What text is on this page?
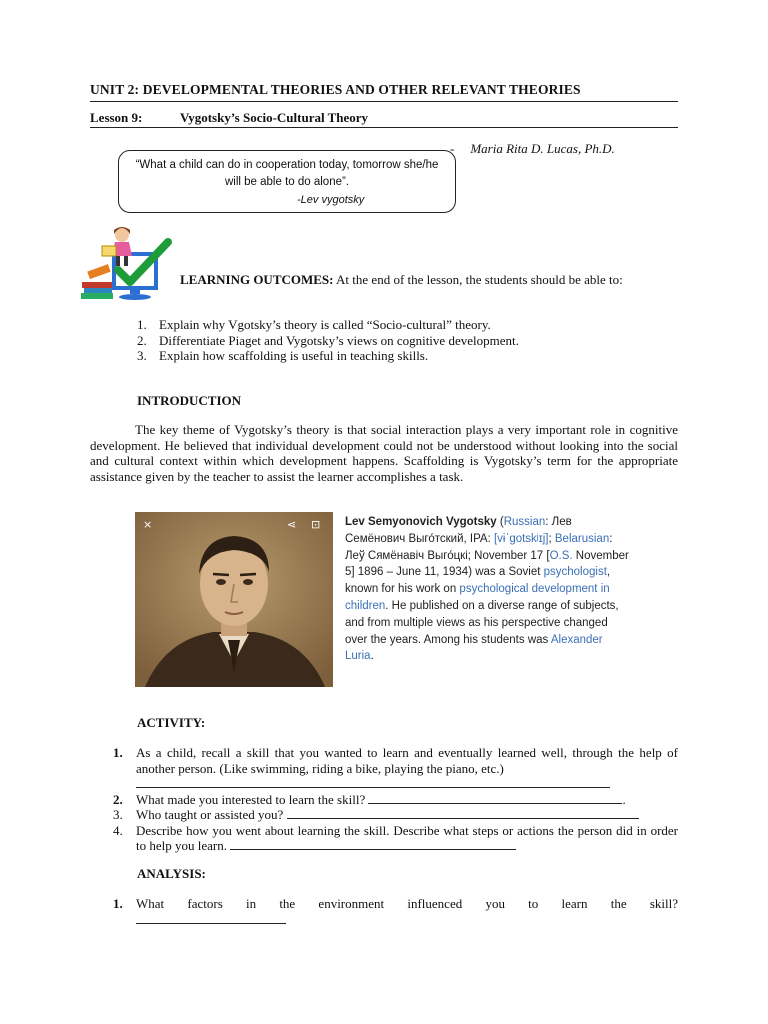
UNIT 2: DEVELOPMENTAL THEORIES AND OTHER RELEVANT THEORIES
Lesson 9:	Vygotsky’s Socio-Cultural Theory
- Maria Rita D. Lucas, Ph.D.
“What a child can do in cooperation today, tomorrow she/he will be able to do alone”.
-Lev vygotsky
LEARNING OUTCOMES: At the end of the lesson, the students should be able to:
1. Explain why Vgotsky’s theory is called “Socio-cultural” theory.
2. Differentiate Piaget and Vygotsky’s views on cognitive development.
3. Explain how scaffolding is useful in teaching skills.
INTRODUCTION
The key theme of Vygotsky’s theory is that social interaction plays a very important role in cognitive development. He believed that individual development could not be understood without looking into the social and cultural context within which development happens. Scaffolding is Vygotsky’s term for the appropriate assistance given by the teacher to assist the learner accomplishes a task.
×	⋖ ⊡ Lev Semyonovich Vygotsky (Russian: Лев Семёнович Выго́тский, IPA: [vɨˈɡotskʲɪj]; Belarusian: Леў Сямёнавіч Выго́цкі; November 17 [O.S. November 5] 1896 – June 11, 1934) was a Soviet psychologist, known for his work on psychological development in children. He published on a diverse range of subjects, and from multiple views as his perspective changed over the years. Among his students was Alexander Luria.
ACTIVITY:
1. As a child, recall a skill that you wanted to learn and eventually learned well, through the help of another person. (Like swimming, riding a bike, playing the piano, etc.)

2. What made you interested to learn the skill?	.
3. Who taught or assisted you?
4. Describe how you went about learning the skill. Describe what steps or actions the person did in order to help you learn.
ANALYSIS:
1. What factors in the environment influenced you to learn the skill?
